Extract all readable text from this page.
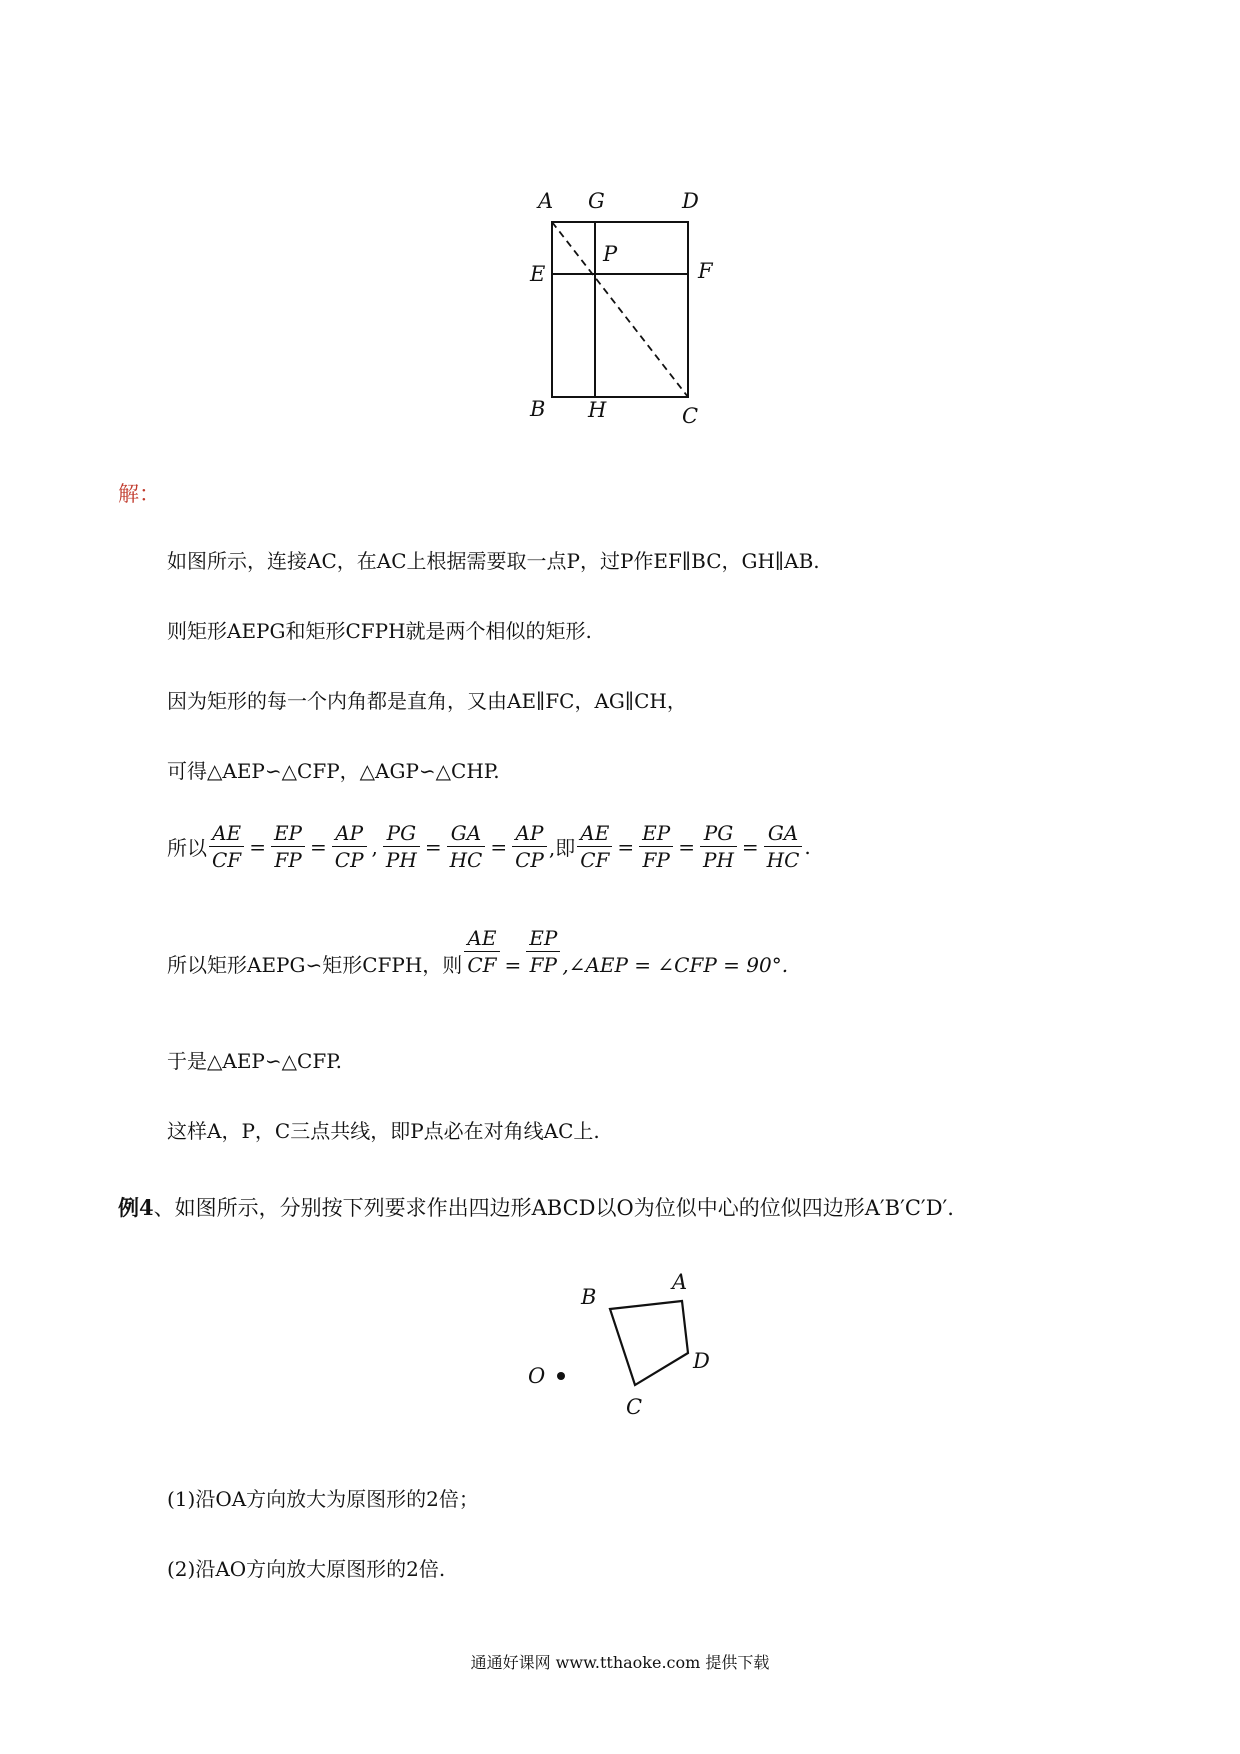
A G	D
E
P
F
B H	C
解：
如图所示，连接AC，在AC上根据需要取一点P，过P作EF∥BC，GH∥AB.
则矩形AEPG和矩形CFPH就是两个相似的矩形.
因为矩形的每一个内角都是直角，又由AE∥FC，AG∥CH，
可得△AEP∽△CFP，△AGP∽△CHP.
所以 $\frac{AE}{CF} = \frac{EP}{FP} = \frac{AP}{CP}$ , $\frac{PG}{PH} = \frac{GA}{HC} = \frac{AP}{CP}$ ,即 $\frac{AE}{CF} = \frac{EP}{FP} = \frac{PG}{PH} = \frac{GA}{HC}$ .
所以矩形AEPG∽矩形CFPH，则 $\frac{AE}{CF} = \frac{EP}{FP}$ ,∠AEP = ∠CFP = 90°.
于是△AEP∽△CFP.
这样A，P，C三点共线，即P点必在对角线AC上.
例4、如图所示，分别按下列要求作出四边形ABCD以O为位似中心的位似四边形A′B′C′D′.
A
B
D
C
O
(1)沿OA方向放大为原图形的2倍；
(2)沿AO方向放大原图形的2倍.
通通好课网 www.tthaoke.com 提供下载
